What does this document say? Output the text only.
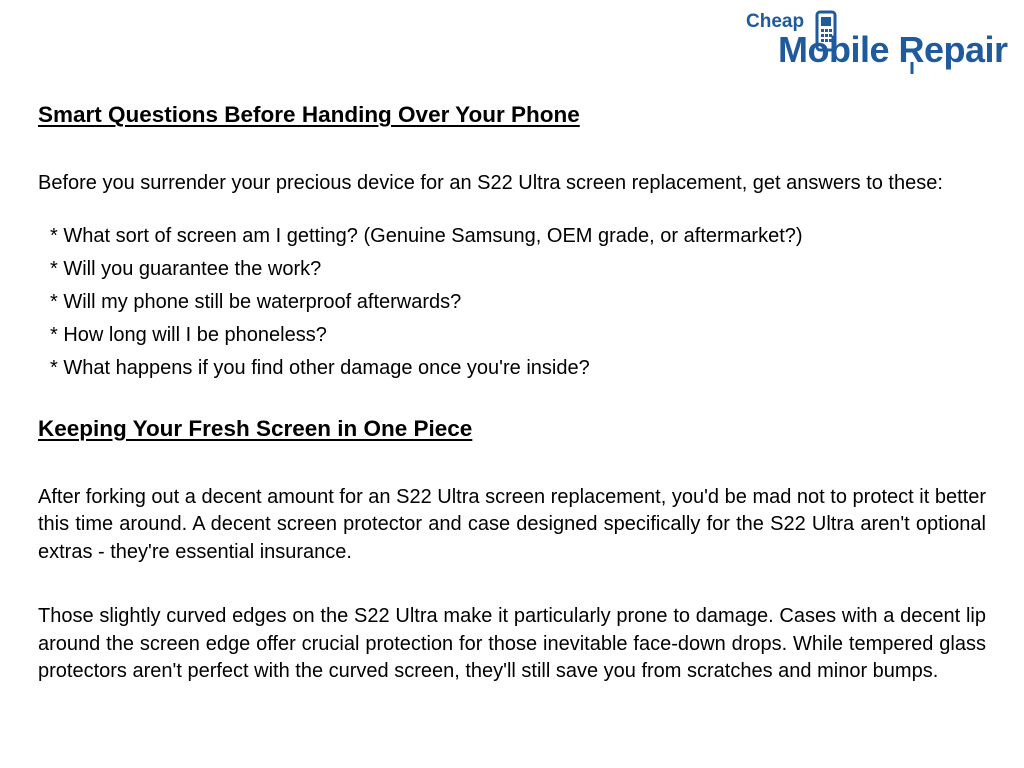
Cheap
Mobile Repair
Smart Questions Before Handing Over Your Phone

Before you surrender your precious device for an S22 Ultra screen replacement, get answers to these:

* What sort of screen am I getting? (Genuine Samsung, OEM grade, or aftermarket?)
* Will you guarantee the work?
* Will my phone still be waterproof afterwards?
* How long will I be phoneless?
* What happens if you find other damage once you're inside?
Keeping Your Fresh Screen in One Piece

After forking out a decent amount for an S22 Ultra screen replacement, you'd be mad not to protect it better this time around. A decent screen protector and case designed specifically for the S22 Ultra aren't optional extras - they're essential insurance.

Those slightly curved edges on the S22 Ultra make it particularly prone to damage. Cases with a decent lip around the screen edge offer crucial protection for those inevitable face-down drops. While tempered glass protectors aren't perfect with the curved screen, they'll still save you from scratches and minor bumps.
